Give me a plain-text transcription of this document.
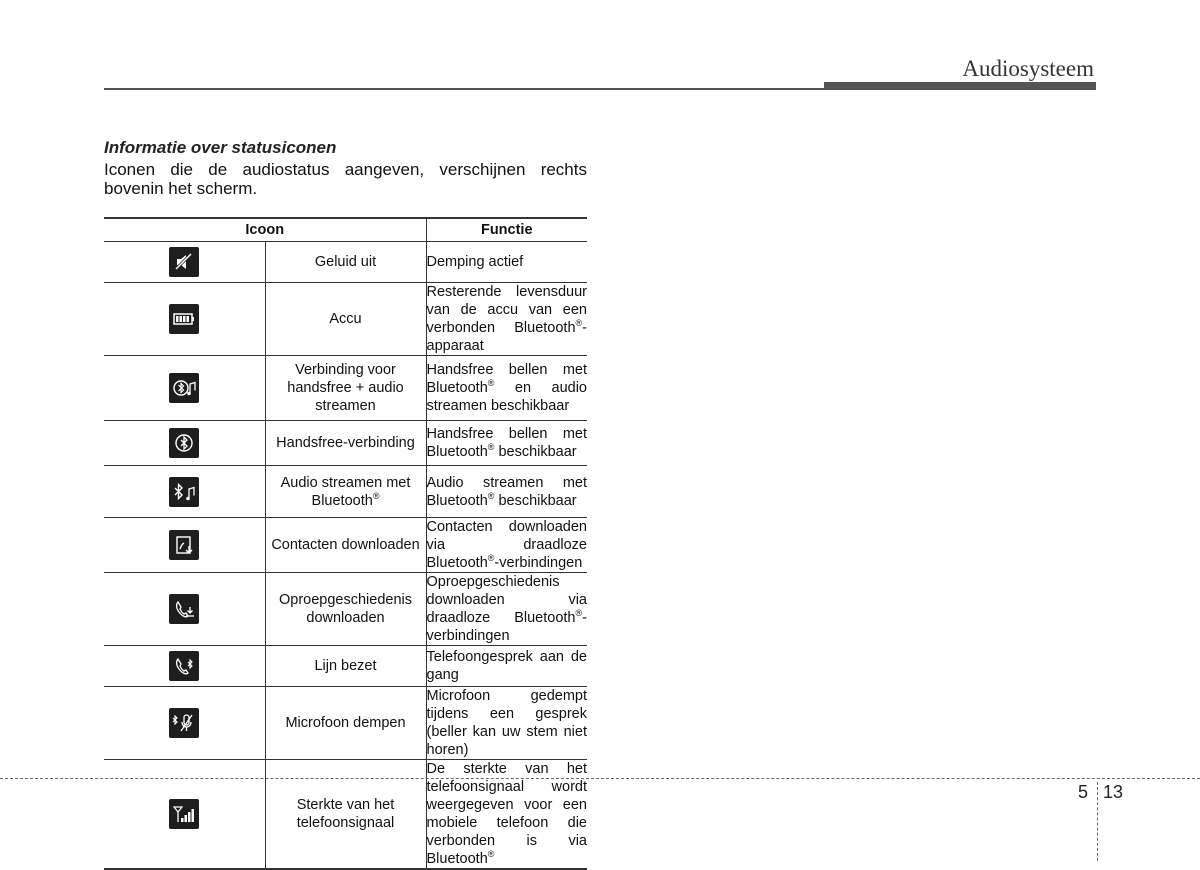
Audiosysteem
Informatie over statusiconen
Iconen die de audiostatus aangeven, verschijnen rechts bovenin het scherm.
Icoon		Functie

	Geluid uit	Demping actief

	Accu	Resterende levensduur van de accu van een verbonden Bluetooth®-apparaat

	Verbinding voor handsfree + audio streamen	Handsfree bellen met Bluetooth® en audio streamen beschikbaar

	Handsfree-verbinding	Handsfree bellen met Bluetooth® beschikbaar

	Audio streamen met Bluetooth®	Audio streamen met Bluetooth® beschikbaar

	Contacten downloaden	Contacten downloaden via draadloze Bluetooth®-verbindingen

	Oproepgeschiedenis downloaden	Oproepgeschiedenis downloaden via draadloze Bluetooth®-verbindingen

	Lijn bezet	Telefoongesprek aan de gang

	Microfoon dempen	Microfoon gedempt tijdens een gesprek (beller kan uw stem niet horen)

	Sterkte van het telefoonsignaal	De sterkte van het telefoonsignaal wordt weergegeven voor een mobiele telefoon die verbonden is via Bluetooth®
5 13
